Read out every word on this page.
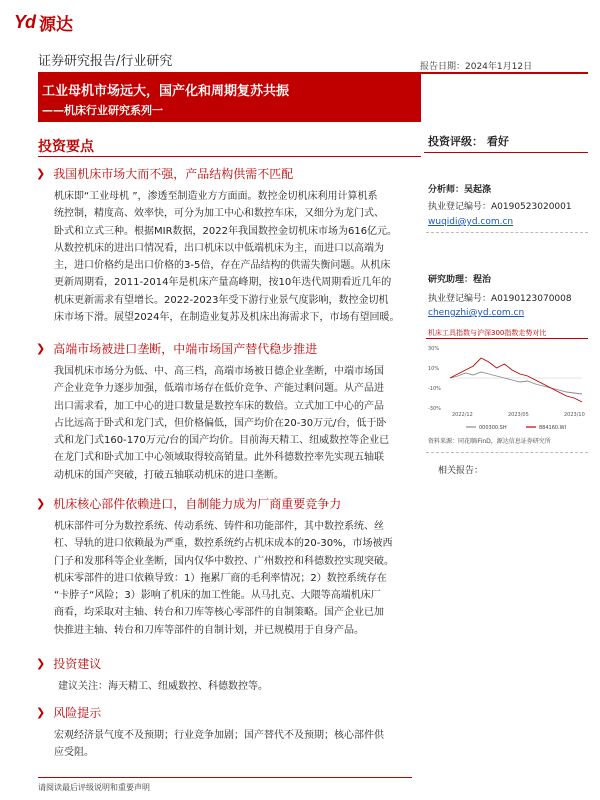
Yd 源达
证券研究报告/行业研究	报告日期：2024年1月12日
工业母机市场远大，国产化和周期复苏共振
——机床行业研究系列一
投资要点
❯ 我国机床市场大而不强，产品结构供需不匹配
机床即“工业母机 ”，渗透至制造业方方面面。数控金切机床利用计算机系
统控制，精度高、效率快，可分为加工中心和数控车床，又细分为龙门式、
卧式和立式三种。根据MIR数据，2022年我国数控金切机床市场为616亿元。
从数控机床的进出口情况看，出口机床以中低端机床为主，而进口以高端为
主，进口价格约是出口价格的3-5倍，存在产品结构的供需失衡问题。从机床
更新周期看，2011-2014年是机床产量高峰期，按10年迭代周期看近几年的
机床更新需求有望增长。2022-2023年受下游行业景气度影响，数控金切机
床市场下滑。展望2024年，在制造业复苏及机床出海需求下，市场有望回暖。
❯ 高端市场被进口垄断，中端市场国产替代稳步推进
我国机床市场分为低、中、高三档，高端市场被日德企业垄断，中端市场国
产企业竞争力逐步加强，低端市场存在低价竞争、产能过剩问题。从产品进
出口需求看，加工中心的进口数量是数控车床的数倍。立式加工中心的产品
占比远高于卧式和龙门式，但价格偏低，国产均价在20-30万元/台，低于卧
式和龙门式160-170万元/台的国产均价。目前海天精工、纽威数控等企业已
在龙门式和卧式加工中心领域取得较高销量。此外科德数控率先实现五轴联
动机床的国产突破，打破五轴联动机床的进口垄断。
❯ 机床核心部件依赖进口，自制能力成为厂商重要竞争力
机床部件可分为数控系统、传动系统、铸件和功能部件，其中数控系统、丝
杠、导轨的进口依赖最为严重，数控系统约占机床成本的20-30%，市场被西
门子和发那科等企业垄断，国内仅华中数控、广州数控和科德数控实现突破。
机床零部件的进口依赖导致：1）拖累厂商的毛利率情况；2）数控系统存在
“卡脖子“风险；3）影响了机床的加工性能。从马扎克、大隈等高端机床厂
商看，均采取对主轴、转台和刀库等核心零部件的自制策略。国产企业已加
快推进主轴、转台和刀库等部件的自制计划，并已规模用于自身产品。
❯ 投资建议
建议关注：海天精工、纽威数控、科德数控等。
❯ 风险提示
宏观经济景气度不及预期；行业竞争加剧；国产替代不及预期；核心部件供
应受阻。
投资评级： 看好
分析师：吴起涤
执业登记编号：A0190523020001
wuqidi@yd.com.cn
研究助理：程治
执业登记编号：A0190123070008
chengzhi@yd.com.cn
机床工具指数与沪深300指数走势对比
30%
10%
-10%
-30%
2022/12	2023/05	2023/10
000300.SH	884160.WI
资料来源：同花顺iFinD，源达信息证券研究所
相关报告：
请阅读最后评级说明和重要声明
